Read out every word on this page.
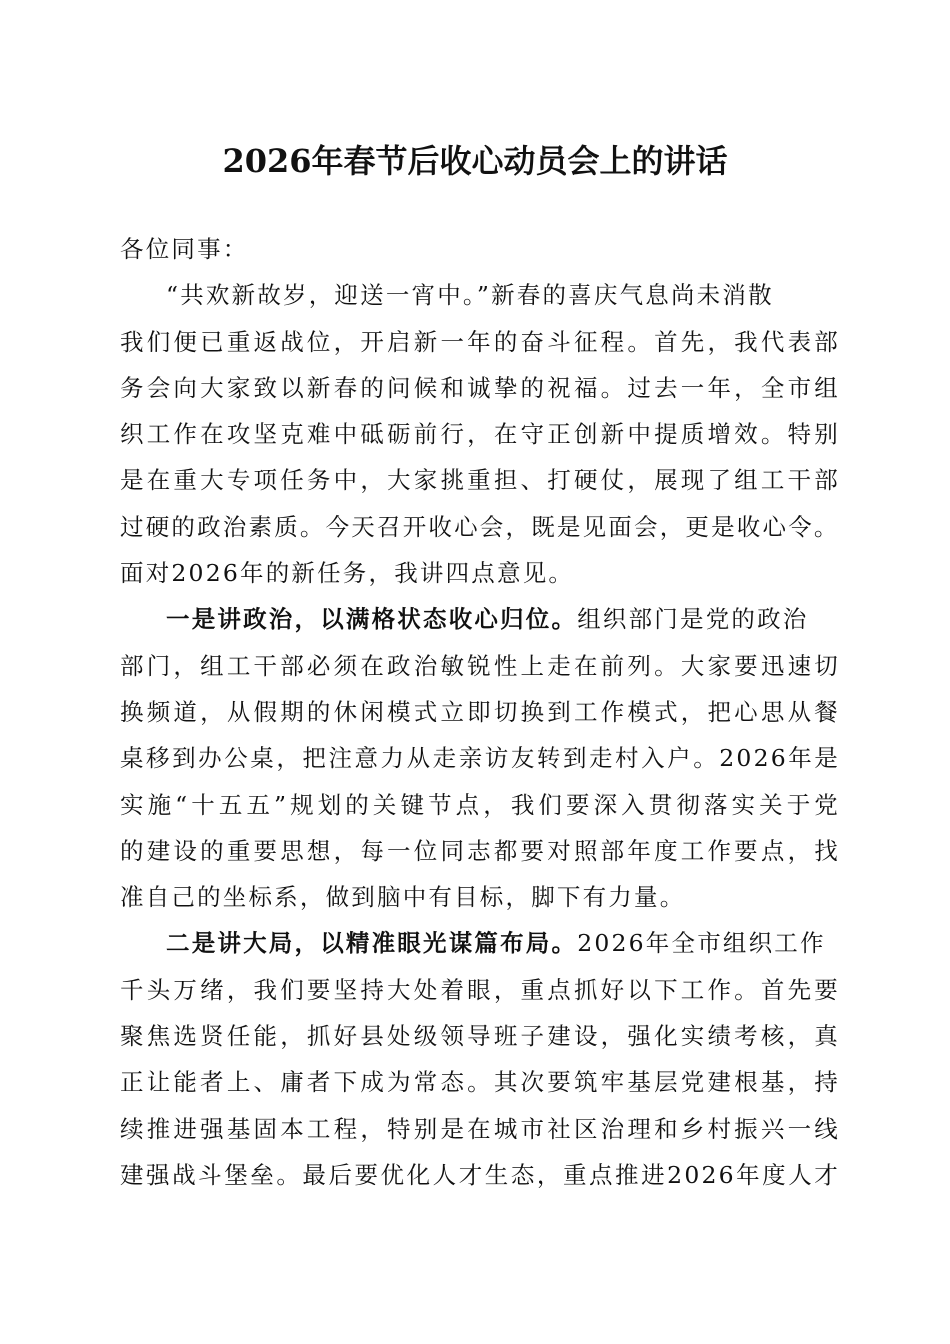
2026年春节后收心动员会上的讲话
各位同事：
“共欢新故岁，迎送一宵中。”新春的喜庆气息尚未消散
我们便已重返战位，开启新一年的奋斗征程。首先，我代表部
务会向大家致以新春的问候和诚挚的祝福。过去一年，全市组
织工作在攻坚克难中砥砺前行，在守正创新中提质增效。特别
是在重大专项任务中，大家挑重担、打硬仗，展现了组工干部
过硬的政治素质。今天召开收心会，既是见面会，更是收心令。
面对2026年的新任务，我讲四点意见。
一是讲政治，以满格状态收心归位。组织部门是党的政治
部门，组工干部必须在政治敏锐性上走在前列。大家要迅速切
换频道，从假期的休闲模式立即切换到工作模式，把心思从餐
桌移到办公桌，把注意力从走亲访友转到走村入户。2026年是
实施“十五五”规划的关键节点，我们要深入贯彻落实关于党
的建设的重要思想，每一位同志都要对照部年度工作要点，找
准自己的坐标系，做到脑中有目标，脚下有力量。
二是讲大局，以精准眼光谋篇布局。2026年全市组织工作
千头万绪，我们要坚持大处着眼，重点抓好以下工作。首先要
聚焦选贤任能，抓好县处级领导班子建设，强化实绩考核，真
正让能者上、庸者下成为常态。其次要筑牢基层党建根基，持
续推进强基固本工程，特别是在城市社区治理和乡村振兴一线
建强战斗堡垒。最后要优化人才生态，重点推进2026年度人才
